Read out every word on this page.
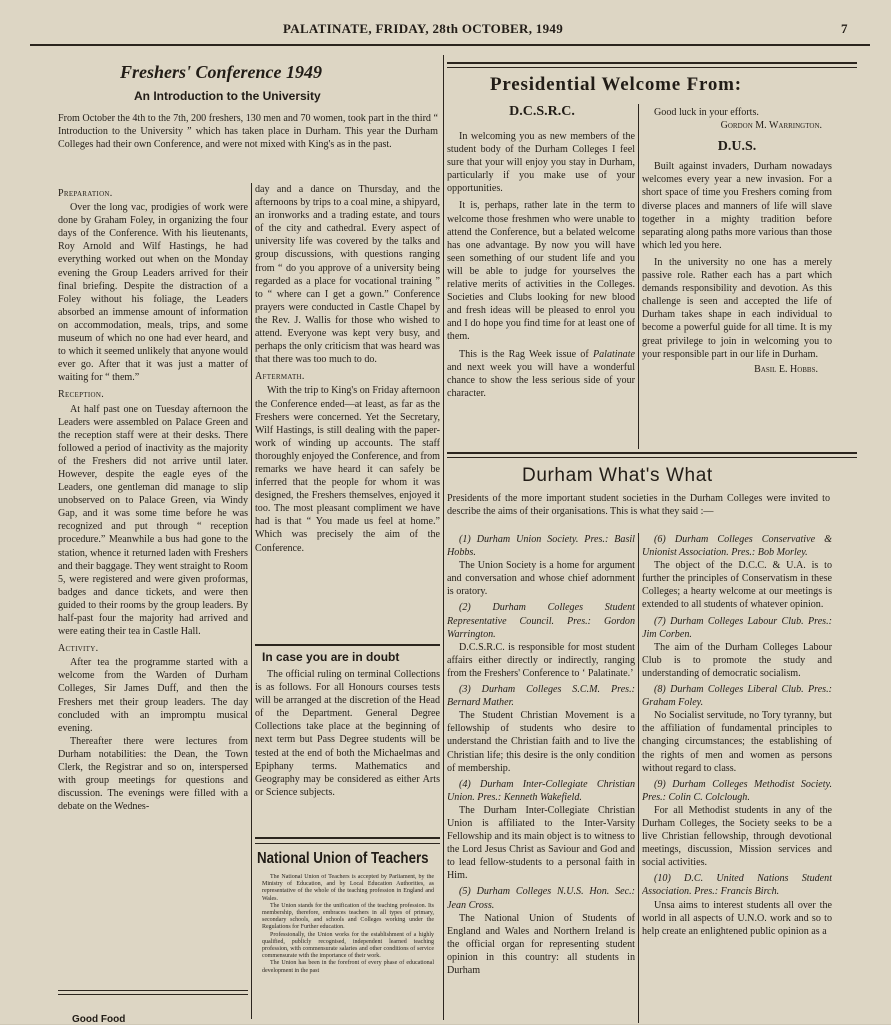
PALATINATE, FRIDAY, 28th OCTOBER, 1949	7
Freshers' Conference 1949
An Introduction to the University
From October the 4th to the 7th, 200 freshers, 130 men and 70 women, took part in the third “ Introduction to the University ” which has taken place in Durham. This year the Durham Colleges had their own Conference, and were not mixed with King's as in the past.
Preparation.

Over the long vac, prodigies of work were done by Graham Foley, in organizing the four days of the Conference. With his lieutenants, Roy Arnold and Wilf Hastings, he had everything worked out when on the Monday evening the Group Leaders arrived for their final briefing. Despite the distraction of a Foley without his foliage, the Leaders absorbed an immense amount of information on accommodation, meals, trips, and some museum of which no one had ever heard, and to which it seemed unlikely that anyone would ever go. After that it was just a matter of waiting for “ them.”

Reception.

At half past one on Tuesday afternoon the Leaders were assembled on Palace Green and the reception staff were at their desks. There followed a period of inactivity as the majority of the Freshers did not arrive until later. However, despite the eagle eyes of the Leaders, one gentleman did manage to slip unobserved on to Palace Green, via Windy Gap, and it was some time before he was recognized and put through “ reception procedure.” Meanwhile a bus had gone to the station, whence it returned laden with Freshers and their baggage. They went straight to Room 5, were registered and were given proformas, badges and dance tickets, and were then guided to their rooms by the group leaders. By half-past four the majority had arrived and were eating their tea in Castle Hall.

Activity.

After tea the programme started with a welcome from the Warden of Durham Colleges, Sir James Duff, and then the Freshers met their group leaders. The day concluded with an impromptu musical evening.

Thereafter there were lectures from Durham notabilities: the Dean, the Town Clerk, the Registrar and so on, interspersed with group meetings for questions and discussion. The evenings were filled with a debate on the Wednes-

Good Food

day and a dance on Thursday, and the afternoons by trips to a coal mine, a shipyard, an ironworks and a trading estate, and tours of the city and cathedral. Every aspect of university life was covered by the talks and group discussions, with questions ranging from “ do you approve of a university being regarded as a place for vocational training ” to “ where can I get a gown.” Conference prayers were conducted in Castle Chapel by the Rev. J. Wallis for those who wished to attend. Everyone was kept very busy, and perhaps the only criticism that was heard was that there was too much to do.

Aftermath.

With the trip to King's on Friday afternoon the Conference ended—at least, as far as the Freshers were concerned. Yet the Secretary, Wilf Hastings, is still dealing with the paper-work of winding up accounts. The staff thoroughly enjoyed the Conference, and from remarks we have heard it can safely be inferred that the people for whom it was designed, the Freshers themselves, enjoyed it too. The most pleasant compliment we have had is that “ You made us feel at home.” Which was precisely the aim of the Conference.

In case you are in doubt

The official ruling on terminal Collections is as follows. For all Honours courses tests will be arranged at the discretion of the Head of the Department. General Degree Collections take place at the beginning of next term but Pass Degree students will be tested at the end of both the Michaelmas and Epiphany terms. Mathematics and Geography may be considered as either Arts or Science subjects.

National Union of Teachers

The National Union of Teachers is accepted by Parliament, by the Ministry of Education, and by Local Education Authorities, as representative of the whole of the teaching profession in England and Wales.

The Union stands for the unification of the teaching profession. Its membership, therefore, embraces teachers in all types of primary, secondary schools, and schools and Colleges working under the Regulations for Further education.

Professionally, the Union works for the establishment of a highly qualified, publicly recognised, independent learned teaching profession, with commensurate salaries and other conditions of service commensurate with the importance of their work.

The Union has been in the forefront of every phase of educational development in the past

Presidential Welcome From:
D.C.S.R.C.

In welcoming you as new members of the student body of the Durham Colleges I feel sure that your will enjoy you stay in Durham, particularly if you make use of your opportunities.

It is, perhaps, rather late in the term to welcome those freshmen who were unable to attend the Conference, but a belated welcome has one advantage. By now you will have seen something of our student life and you will be able to judge for yourselves the relative merits of activities in the Colleges. Societies and Clubs looking for new blood and fresh ideas will be pleased to enrol you and I do hope you find time for at least one of them.

This is the Rag Week issue of Palatinate and next week you will have a wonderful chance to show the less serious side of your character.

Good luck in your efforts.

Gordon M. Warrington.
D.U.S.

Built against invaders, Durham nowadays welcomes every year a new invasion. For a short space of time you Freshers coming from diverse places and manners of life will slave together in a mighty tradition before separating along paths more various than those which led you here.

In the university no one has a merely passive role. Rather each has a part which demands responsibility and devotion. As this challenge is seen and accepted the life of Durham takes shape in each individual to become a powerful guide for all time. It is my great privilege to join in welcoming you to your responsible part in our life in Durham.

Basil E. Hobbs.
Durham What's What
Presidents of the more important student societies in the Durham Colleges were invited to describe the aims of their organisations. This is what they said :—

(1) Durham Union Society. Pres.: Basil Hobbs.

The Union Society is a home for argument and conversation and whose chief adornment is oratory.

(2) Durham Colleges Student Representative Council. Pres.: Gordon Warrington.

D.C.S.R.C. is responsible for most student affairs either directly or indirectly, ranging from the Freshers' Conference to ‘ Palatinate.’

(3) Durham Colleges S.C.M. Pres.: Bernard Mather.

The Student Christian Movement is a fellowship of students who desire to understand the Christian faith and to live the Christian life; this desire is the only condition of membership.

(4) Durham Inter-Collegiate Christian Union. Pres.: Kenneth Wakefield.

The Durham Inter-Collegiate Christian Union is affiliated to the Inter-Varsity Fellowship and its main object is to witness to the Lord Jesus Christ as Saviour and God and to lead fellow-students to a personal faith in Him.

(5) Durham Colleges N.U.S. Hon. Sec.: Jean Cross.

The National Union of Students of England and Wales and Northern Ireland is the official organ for representing student opinion in this country: all students in Durham

(6) Durham Colleges Conservative & Unionist Association. Pres.: Bob Morley.

The object of the D.C.C. & U.A. is to further the principles of Conservatism in these Colleges; a hearty welcome at our meetings is extended to all students of whatever opinion.

(7) Durham Colleges Labour Club. Pres.: Jim Corben.

The aim of the Durham Colleges Labour Club is to promote the study and understanding of democratic socialism.

(8) Durham Colleges Liberal Club. Pres.: Graham Foley.

No Socialist servitude, no Tory tyranny, but the affiliation of fundamental principles to changing circumstances; the establishing of the rights of men and women as persons without regard to class.

(9) Durham Colleges Methodist Society. Pres.: Colin C. Colclough.

For all Methodist students in any of the Durham Colleges, the Society seeks to be a live Christian fellowship, through devotional meetings, discussion, Mission services and social activities.

(10) D.C. United Nations Student Association. Pres.: Francis Birch.

Unsa aims to interest students all over the world in all aspects of U.N.O. work and so to help create an enlightened public opinion as a
